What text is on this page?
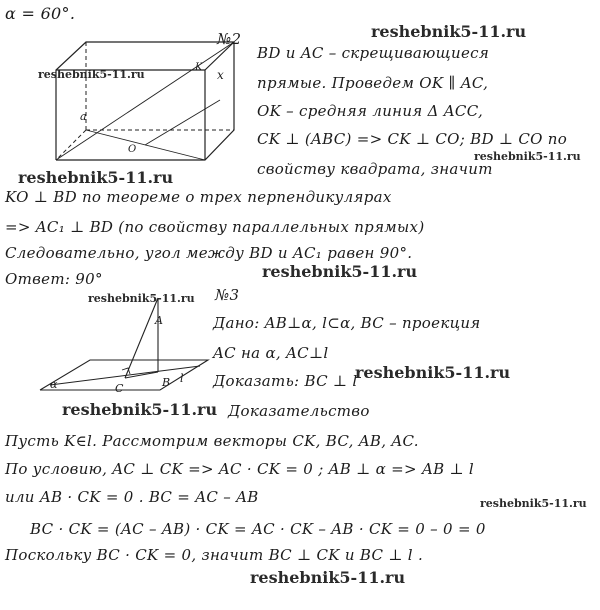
reshebnik5-11.ru
reshebnik5-11.ru
reshebnik5-11.ru
reshebnik5-11.ru
reshebnik5-11.ru
reshebnik5-11.ru
reshebnik5-11.ru
reshebnik5-11.ru
reshebnik5-11.ru
reshebnik5-11.ru
α = 60°.
№2
x
a
K
O
BD и AC – скрещивающиеся
прямые. Проведем OK ∥ AC,
OK – средняя линия Δ ACC,
CK ⊥ (ABC) => CK ⊥ CO; BD ⊥ CO по
свойству квадрата, значит
KO ⊥ BD по теореме о трех перпендикулярах
=> AC₁ ⊥ BD (по свойству параллельных прямых)
Следовательно, угол между BD и AC₁ равен 90°.
Ответ: 90°
A
B
C
l
α
№3
Дано: AB⊥α, l⊂α, BC – проекция
AC на α, AC⊥l
Доказать: BC ⊥ l
Доказательство
Пусть K∈l. Рассмотрим векторы CK, BC, AB, AC.
По условию, AC ⊥ CK => AC · CK = 0 ; AB ⊥ α => AB ⊥ l
или AB · CK = 0 . BC = AC – AB
BC · CK = (AC – AB) · CK = AC · CK – AB · CK = 0 – 0 = 0
Поскольку BC · CK = 0, значит BC ⊥ CK и BC ⊥ l .
